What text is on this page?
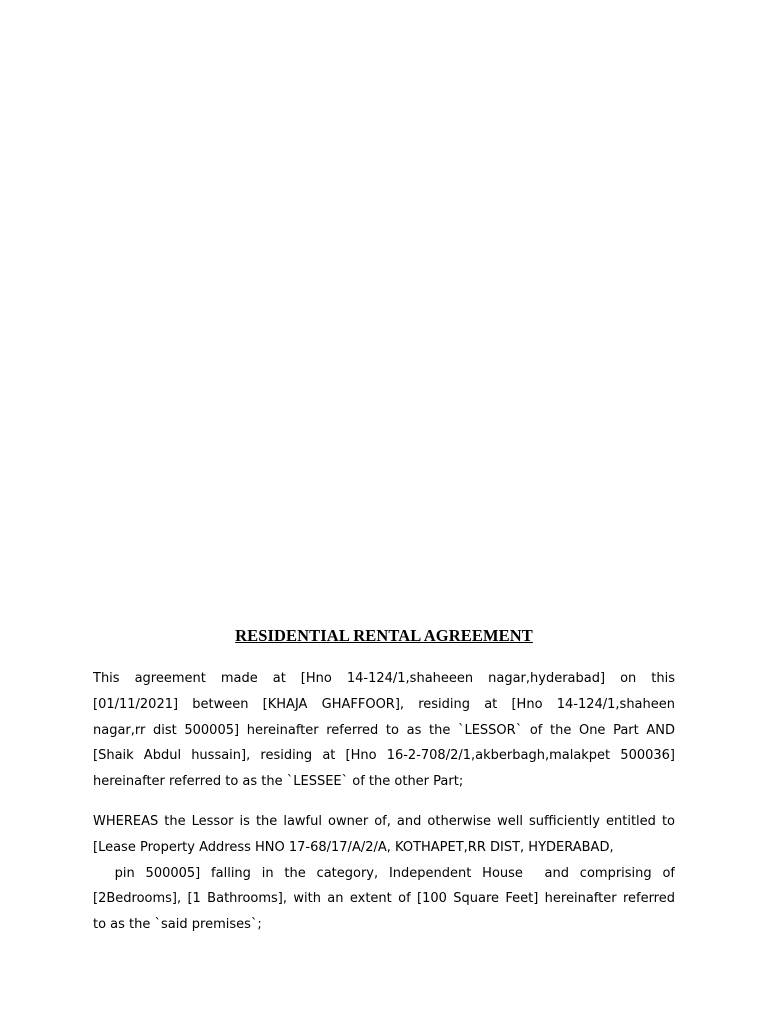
RESIDENTIAL RENTAL AGREEMENT
This agreement made at [Hno 14-124/1,shaheeen nagar,hyderabad] on this
[01/11/2021] between [KHAJA GHAFFOOR], residing at [Hno 14-124/1,shaheen
nagar,rr dist 500005] hereinafter referred to as the `LESSOR` of the One Part AND
[Shaik Abdul hussain], residing at [Hno 16-2-708/2/1,akberbagh,malakpet 500036]
hereinafter referred to as the `LESSEE` of the other Part;
WHEREAS the Lessor is the lawful owner of, and otherwise well sufficiently entitled to
[Lease Property Address HNO 17-68/17/A/2/A, KOTHAPET,RR DIST, HYDERABAD,
pin 500005] falling in the category, Independent House  and comprising of
[2Bedrooms], [1 Bathrooms], with an extent of [100 Square Feet] hereinafter referred
to as the `said premises`;
